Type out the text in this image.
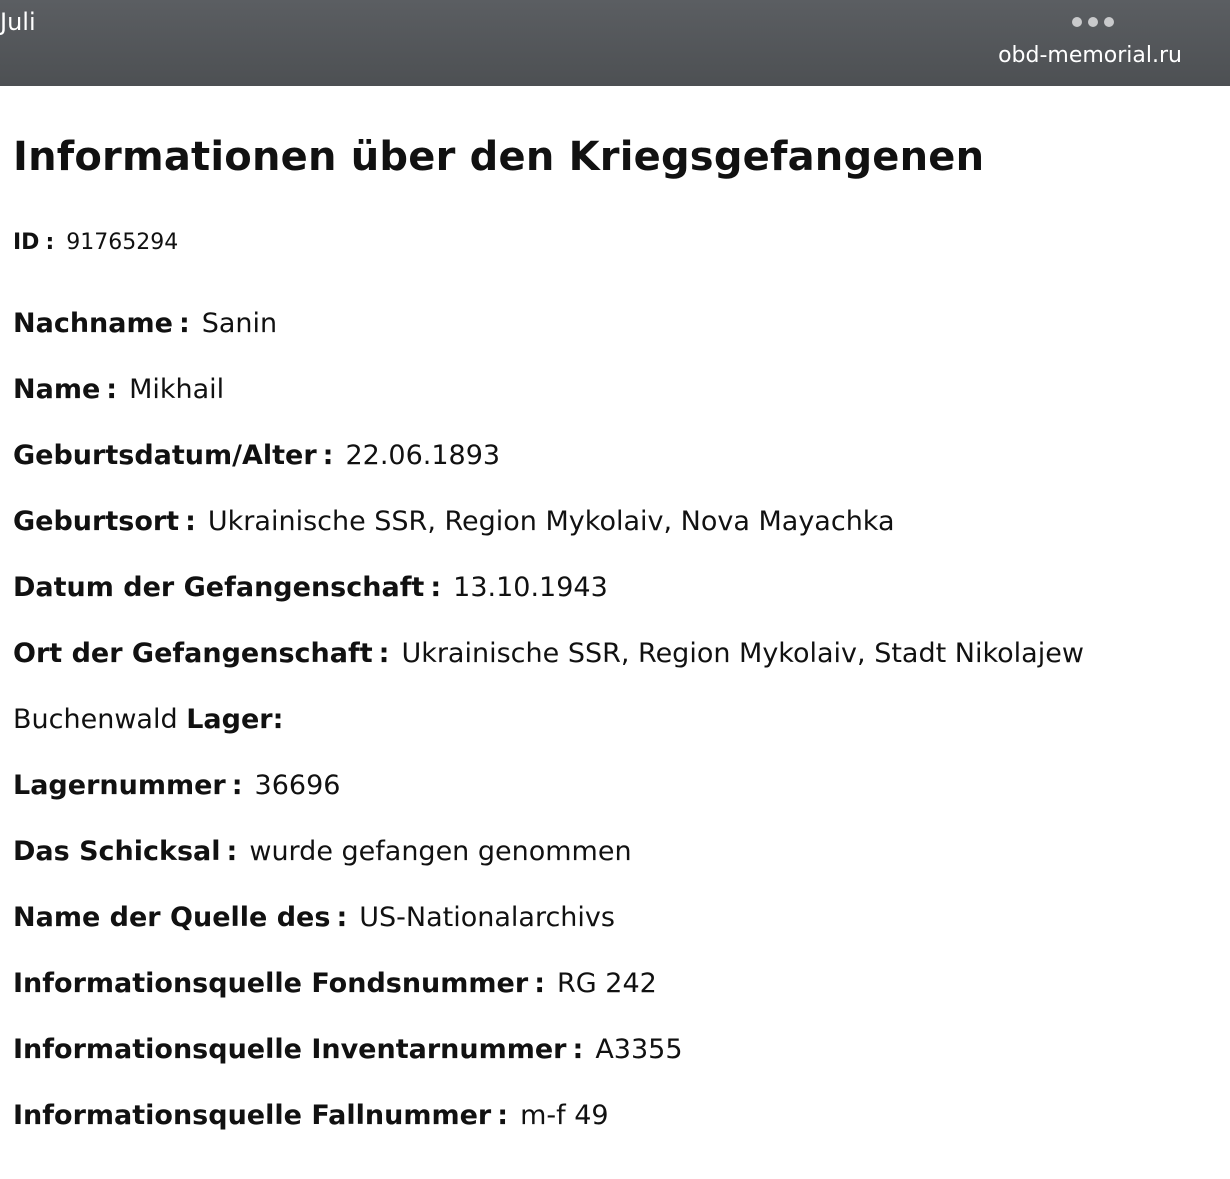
Juli
obd-memorial.ru
Informationen über den Kriegsgefangenen
ID : 91765294
Nachname : Sanin
Name : Mikhail
Geburtsdatum/Alter : 22.06.1893
Geburtsort : Ukrainische SSR, Region Mykolaiv, Nova Mayachka
Datum der Gefangenschaft : 13.10.1943
Ort der Gefangenschaft : Ukrainische SSR, Region Mykolaiv, Stadt Nikolajew
Buchenwald Lager:
Lagernummer : 36696
Das Schicksal : wurde gefangen genommen
Name der Quelle des : US-Nationalarchivs
Informationsquelle Fondsnummer : RG 242
Informationsquelle Inventarnummer : A3355
Informationsquelle Fallnummer : m-f 49
